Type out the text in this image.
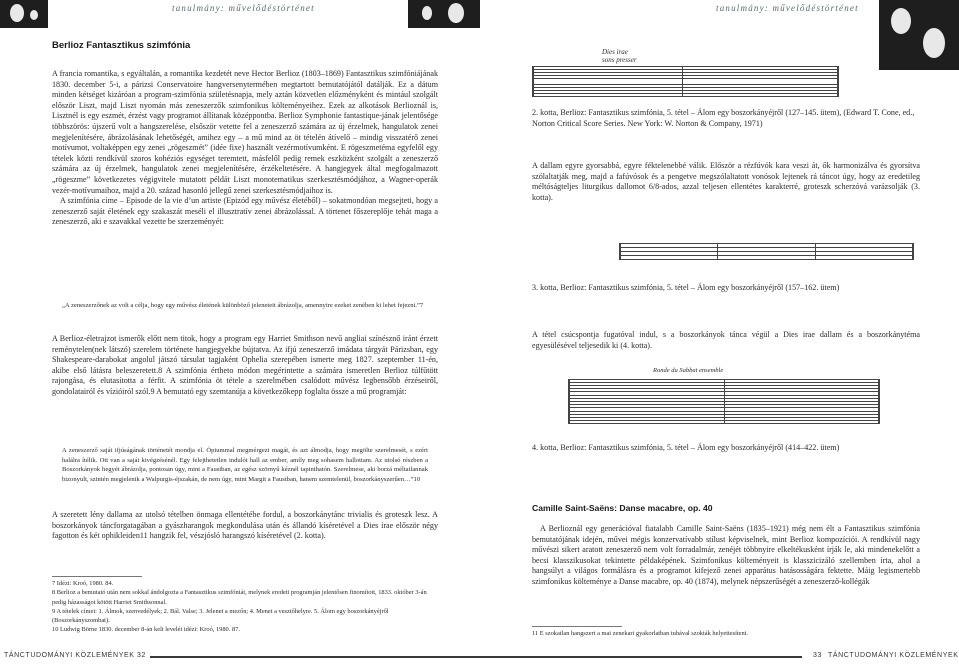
tanulmány: művelődéstörténet
Berlioz Fantasztikus szimfónia

A francia romantika, s egyáltalán, a romantika kezdetét neve Hector Berlioz (1803–1869) Fantasztikus szimfóniájának 1830. december 5-i, a párizsi Conservatoire hangversenytermében megtartott bemutatójától datálják. Ez a dátum minden kétséget kizáróan a program-szimfónia születésnapja, mely aztán közvetlen előzményként és mintául szolgált először Liszt, majd Liszt nyomán más zeneszerzők szimfonikus költeményeihez. Ezek az alkotások Berlioznál is, Lisztnél is egy eszmét, érzést vagy programot állítanak középpontba. Berlioz Symphonie fantastique-jának jelentősége többszörös: újszerű volt a hangszerelése, elsőször vetette fel a zeneszerző számára az új érzelmek, hangulatok zenei megjelenítésére, ábrázolásának lehetőségét, amihez egy – a mű mind az öt tételén átívelő – mindig visszatérő zenei motívumot, voltaképpen egy zenei „rögeszmét” (idée fixe) használt vezérmotívumként. E rögeszmetéma egyfelől egy tételek közti rendkívül szoros kohéziós egységet teremtett, másfelől pedig remek eszközként szolgált a zeneszerző számára az új érzelmek, hangulatok zenei megjelenítésére, érzékeltetésére. A hangjegyek által megfogalmazott „rögeszme” következetes végigvitele mutatott példát Liszt monotematikus szerkesztésmódjához, a Wagner-operák vezér-motívumaihoz, majd a 20. század hasonló jellegű zenei szerkesztésmódjaihoz is.

A szimfónia címe – Episode de la vie d’un artiste (Epizód egy művész életéből) – sokatmondóan megsejteti, hogy a zeneszerző saját életének egy szakaszát meséli el illusztratív zenei ábrázolással. A törtenet főszereplője tehát maga a zeneszerző, aki e szavakkal vezette be szerzeményét:

„A zeneszerzőnek az volt a célja, hogy egy művész életének különböző jeleneteit ábrázolja, amennyire ezeket zenében ki lehet fejezni.”7

A Berlioz-életrajzot ismerők előtt nem titok, hogy a program egy Harriet Smithson nevű angliai színésznő iránt érzett reménytelen(nek látszó) szerelem története hangjegyekbe bújtatva. Az ifjú zeneszerző imádata tárgyát Párizsban, egy Shakespeare-darabokat angolul játszó társulat tagjaként Ophelia szerepében ismerte meg 1827. szeptember 11-én, akibe első látásra beleszeretett.8 A szimfónia értheto módon megérintette a számára ismeretlen Berlioz túlfűtött rajongása, és elutasította a férfit. A szimfónia öt tétele a szerelmében csalódott művész legbensőbb érzéseiről, gondolatairól és vízióiról szól.9 A bemutató egy szemtanúja a következőkepp foglalta össze a mű programját:

A zeneszerző saját ifjúságának történetét mondja el. Ópiummal megmérgezi magát, és azt álmodja, hogy megölte szerelmesét, s ezért halálra ítélik. Ott van a saját kivégzésénél. Egy felejthetetlen indulót hall az ember, amíly meg sohasem hallottam. Az utolsó részben a Boszorkányok hegyét ábrázolja, pontosan úgy, mint a Faustban, az egész szörnyű kéznél tapinthatón. Szerelmese, aki borzá méltatlannak bizonyult, szintén megjelenik a Walpurgis-éjszakán, de nem úgy, mint Margit a Faustban, hanem szemtelenül, boszorkányszerűen…”10

A szeretett lény dallama az utolsó tételben önmaga ellentétébe fordul, a boszorkánytánc trivialis és groteszk lesz. A boszorkányok táncforgatagában a gyászharangok megkondulása után és állandó kíséretével a Dies irae először négy fagotton és két ophikleiden11 hangzik fel, vészjósló harangszó kíséretével (2. kotta).

7 Idézi: Kroó, 1980. 84.
8 Berlioz a bemutató után nem sokkal ándolgozta a Fantasztikus szimfóniát, melynek eredeti programján jelentősen finomított, 1833. október 3-án pedig házasságot kötött Harriet Smithsonnal.
9 A tételek címei: 1. Álmok, szenvedélyek; 2. Bál. Valse; 3. Jelenet a mezőn; 4. Menet a vesztőhelyre. 5. Álom egy boszorkányéjről (Boszorkányszombat).
10 Ludwig Börne 1830. december 8-án kelt levelét idézi: Kroó, 1980. 87.
TÁNCTUDOMÁNYI KÖZLEMÉNYEK 32
tanulmány: művelődéstörténet
Dies irae
sons presser
2. kotta, Berlioz: Fantasztikus szimfónia, 5. tétel – Álom egy boszorkányéjről (127–145. ütem), (Edward T. Cone, ed., Norton Critical Score Series. New York: W. Norton & Company, 1971)

A dallam egyre gyorsabbá, egyre féktelenebbé válik. Először a rézfúvók kara veszi át, ők harmonizálva és gyorsítva szólaltatják meg, majd a fafúvósok és a pengetve megszólaltatott vonósok lejtenek rá táncot úgy, hogy az eredetileg méltóságteljes liturgikus dallomot 6/8-ados, azzal teljesen ellentétes karakterré, groteszk scherzóvá varázsolják (3. kotta).

3. kotta, Berlioz: Fantasztikus szimfónia, 5. tétel – Álom egy boszorkányéjről (157–162. ütem)

A tétel csúcspontja fugatóval indul, s a boszorkányok tánca végül a Dies irae dallam és a boszorkánytéma egyesülésével teljesedik ki (4. kotta).

Ronde du Sabbat ensemble
4. kotta, Berlioz: Fantasztikus szimfónia, 5. tétel – Álom egy boszorkányéjről (414–422. ütem)
Camille Saint-Saëns: Danse macabre, op. 40

A Berlioznál egy generációval fiatalabb Camille Saint-Saëns (1835–1921) még nem élt a Fantasztikus szimfónia bemutatójának idején, művei mégis konzervatívabb stílust képviselnek, mint Berlioz kompozíciói. A rendkívül nagy művészi sikert aratott zeneszerző nem volt forradalmár, zenéjét többnyire elkeltékusként írják le, aki mindenekelőtt a becsi klasszikusokat tekintette példaképének. Szimfonikus költeményeit is klasszicizáló szellemben írta, ahol a hangsúlyt a világos formálásra és a programot kifejező zenei apparátus hatásosságára fektette. Máig legismertebb szimfonikus költeménye a Danse macabre, op. 40 (1874), melynek népszerűségét a zeneszerző-kollégák

11 E szokatlan hangszert a mai zenekari gyakorlatban tubával szokták helyettesíteni.
33 TÁNCTUDOMÁNYI KÖZLEMÉNYEK
